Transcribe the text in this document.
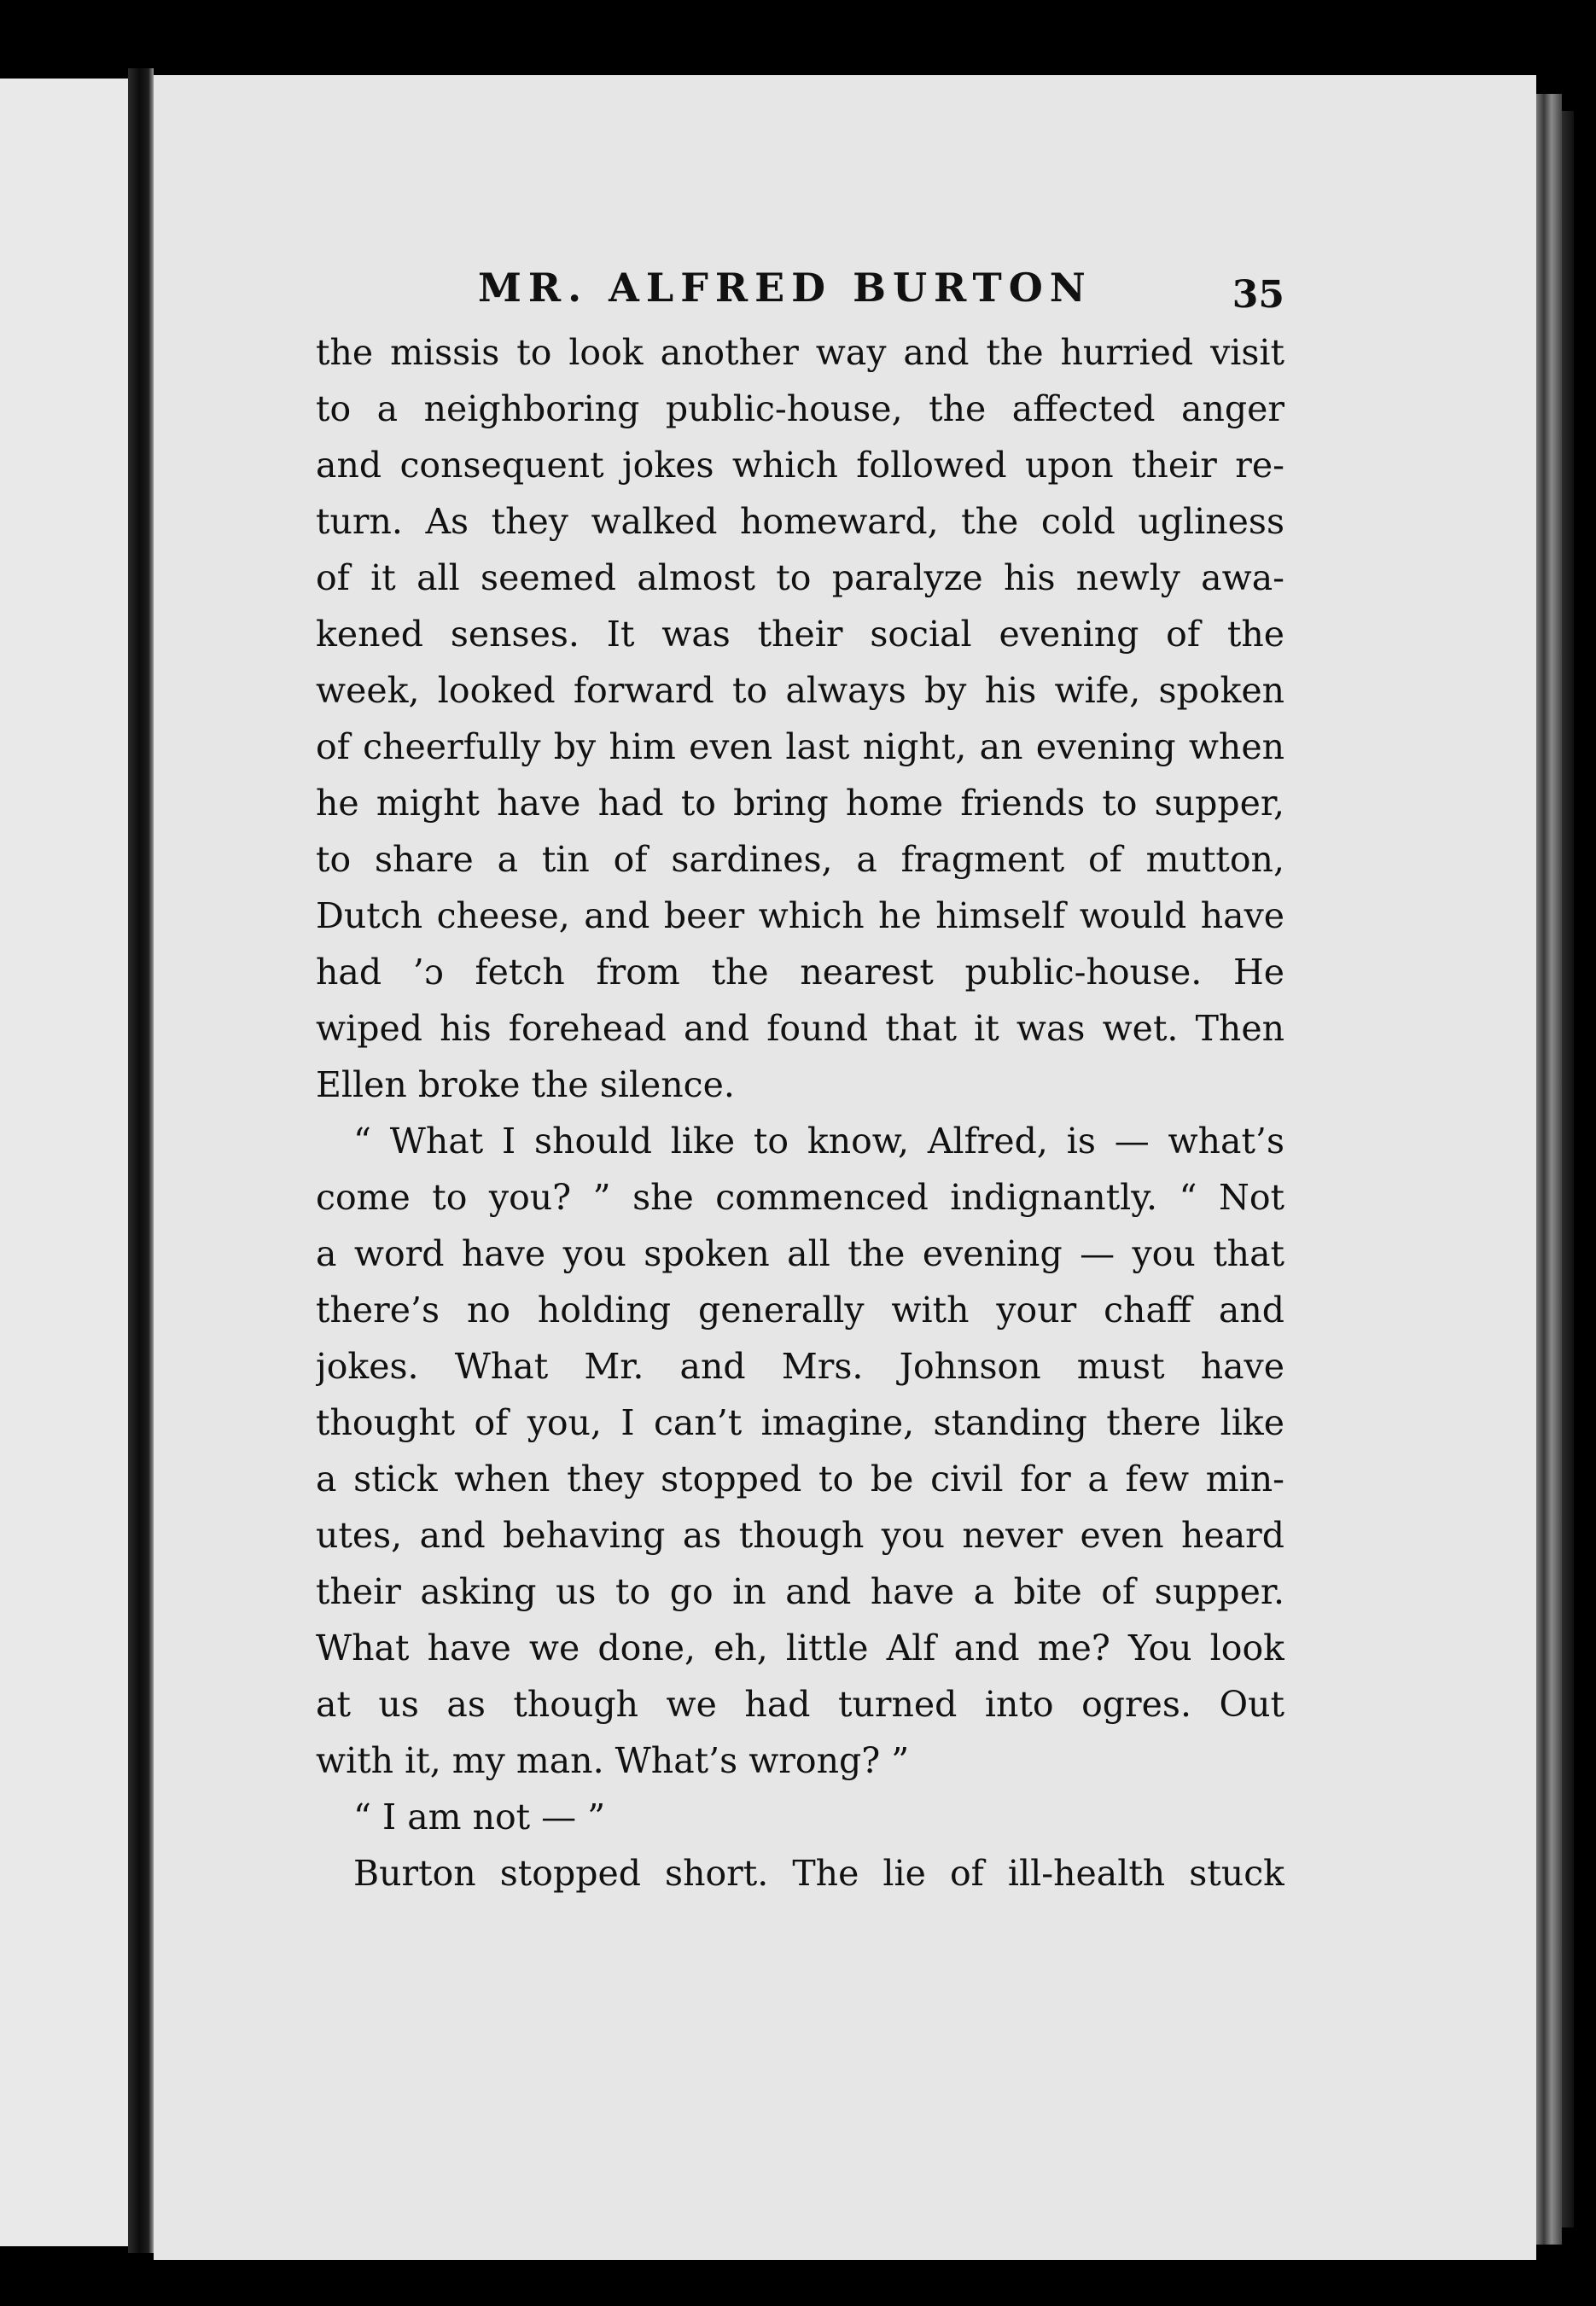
MR. ALFRED BURTON	35
the missis to look another way and the hurried visit
to a neighboring public-house, the affected anger
and consequent jokes which followed upon their re-
turn. As they walked homeward, the cold ugliness
of it all seemed almost to paralyze his newly awa-
kened senses. It was their social evening of the
week, looked forward to always by his wife, spoken
of cheerfully by him even last night, an evening when
he might have had to bring home friends to supper,
to share a tin of sardines, a fragment of mutton,
Dutch cheese, and beer which he himself would have
had ’ɔ fetch from the nearest public-house. He
wiped his forehead and found that it was wet. Then
Ellen broke the silence.
“ What I should like to know, Alfred, is — what’s
come to you? ” she commenced indignantly. “ Not
a word have you spoken all the evening — you that
there’s no holding generally with your chaff and
jokes. What Mr. and Mrs. Johnson must have
thought of you, I can’t imagine, standing there like
a stick when they stopped to be civil for a few min-
utes, and behaving as though you never even heard
their asking us to go in and have a bite of supper.
What have we done, eh, little Alf and me? You look
at us as though we had turned into ogres. Out
with it, my man. What’s wrong? ”
“ I am not — ”
Burton stopped short. The lie of ill-health stuck
